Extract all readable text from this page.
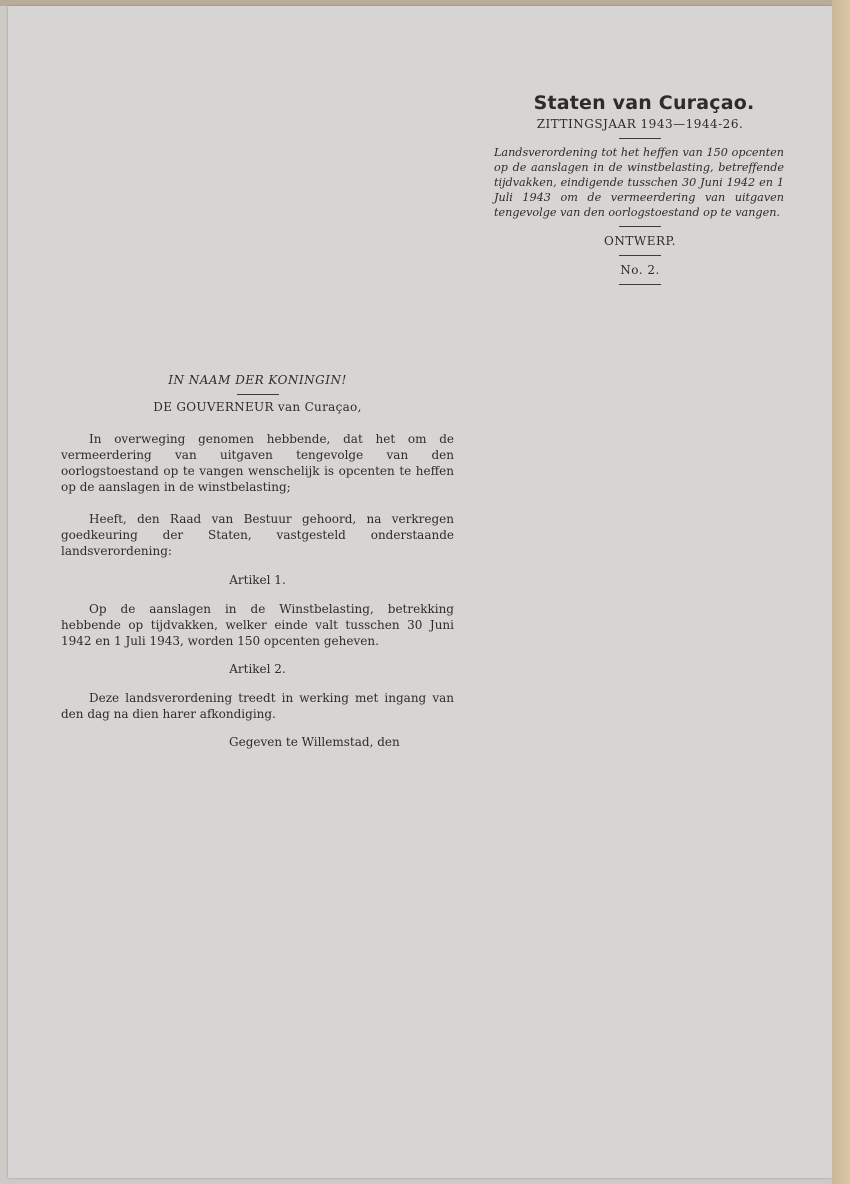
Staten van Curaçao.

ZITTINGSJAAR 1943—1944-26.

Landsverordening tot het heffen van 150 opcenten op de aanslagen in de winstbelasting, betreffende tijdvakken, eindigende tusschen 30 Juni 1942 en 1 Juli 1943 om de vermeerdering van uitgaven tengevolge van den oorlogstoestand op te vangen.

ONTWERP.

No. 2.

IN NAAM DER KONINGIN!

DE GOUVERNEUR van Curaçao,

In overweging genomen hebbende, dat het om de vermeerdering van uitgaven tengevolge van den oorlogstoestand op te vangen wenschelijk is opcenten te heffen op de aanslagen in de winstbelasting;

Heeft, den Raad van Bestuur gehoord, na verkregen goedkeuring der Staten, vastgesteld onderstaande landsverordening:

Artikel 1.

Op de aanslagen in de Winstbelasting, betrekking hebbende op tijdvakken, welker einde valt tusschen 30 Juni 1942 en 1 Juli 1943, worden 150 opcenten geheven.

Artikel 2.

Deze landsverordening treedt in werking met ingang van den dag na dien harer afkondiging.

Gegeven te Willemstad, den
